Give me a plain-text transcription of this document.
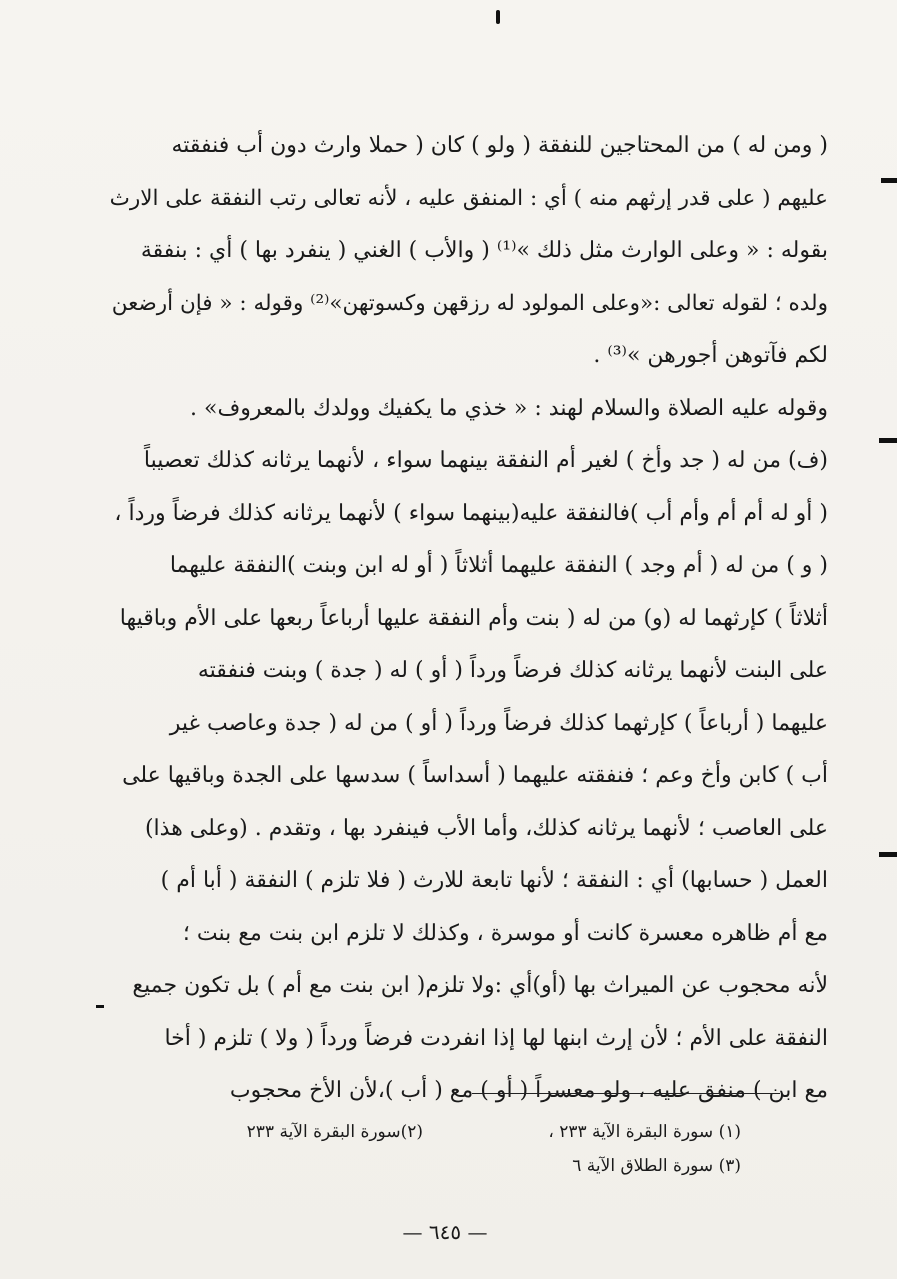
( ومن له ) من المحتاجين للنفقة ( ولو ) كان ( حملا وارث دون أب فنفقته
عليهم ( على قدر إرثهم منه ) أي : المنفق عليه ، لأنه تعالى رتب النفقة على الارث
بقوله : « وعلى الوارث مثل ذلك »⁽¹⁾ ( والأب ) الغني ( ينفرد بها ) أي : بنفقة
ولده ؛ لقوله تعالى :«وعلى المولود له رزقهن وكسوتهن»⁽²⁾ وقوله : « فإن أرضعن
لكم فآتوهن أجورهن »⁽³⁾ .
وقوله عليه الصلاة والسلام لهند : « خذي ما يكفيك وولدك بالمعروف» .
(ف) من له ( جد وأخ ) لغير أم النفقة بينهما سواء ، لأنهما يرثانه كذلك تعصيباً
( أو له أم أم وأم أب )فالنفقة عليه(بينهما سواء ) لأنهما يرثانه كذلك فرضاً ورداً ،
( و ) من له ( أم وجد ) النفقة عليهما أثلاثاً ( أو له ابن وبنت )النفقة عليهما
أثلاثاً ) كإرثهما له (و) من له ( بنت وأم النفقة عليها أرباعاً ربعها على الأم وباقيها
على البنت لأنهما يرثانه كذلك فرضاً ورداً ( أو ) له ( جدة ) وبنت فنفقته
عليهما ( أرباعاً ) كإرثهما كذلك فرضاً ورداً ( أو ) من له ( جدة وعاصب غير
أب ) كابن وأخ وعم ؛ فنفقته عليهما ( أسداساً ) سدسها على الجدة وباقيها على
على العاصب ؛ لأنهما يرثانه كذلك، وأما الأب فينفرد بها ، وتقدم . (وعلى هذا)
العمل ( حسابها) أي : النفقة ؛ لأنها تابعة للارث ( فلا تلزم ) النفقة ( أبا أم )
مع أم ظاهره معسرة كانت أو موسرة ، وكذلك لا تلزم ابن بنت مع بنت ؛
لأنه محجوب عن الميراث بها (أو)أي :ولا تلزم( ابن بنت مع أم ) بل تكون جميع
النفقة على الأم ؛ لأن إرث ابنها لها إذا انفردت فرضاً ورداً ( ولا ) تلزم ( أخا
مع ابن ) منفق عليه ، ولو معسراً ( أو ) مع ( أب )،لأن الأخ محجوب
(١) سورة البقرة الآية ٢٣٣ ،
(٢)سورة البقرة الآية ٢٣٣
(٣) سورة الطلاق الآية ٦
— ٦٤٥ —
